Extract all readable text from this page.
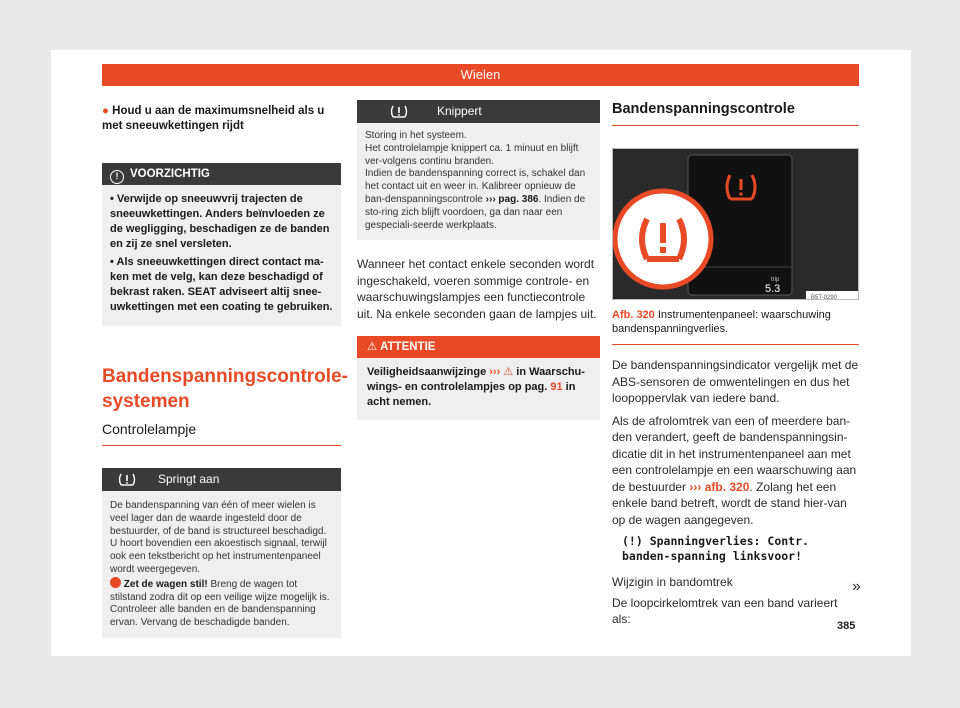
Wielen
● Houd u aan de maximumsnelheid als u met sneeuwkettingen rijdt
! VOORZICHTIG

• Verwijde op sneeuwvrij trajecten de sneeuwkettingen. Anders beïnvloeden ze de wegligging, beschadigen ze de banden en zij ze snel versleten.

• Als sneeuwkettingen direct contact ma-ken met de velg, kan deze beschadigd of bekrast raken. SEAT adviseert altij snee-uwkettingen met een coating te gebruiken.

Bandenspanningscontrole-systemen
Controlelampje
Springt aan
De bandenspanning van één of meer wielen is veel lager dan de waarde ingesteld door de bestuurder, of de band is structureel beschadigd.
U hoort bovendien een akoestisch signaal, terwijl ook een tekstbericht op het instrumentenpaneel wordt weergegeven.
Zet de wagen stil! Breng de wagen tot stilstand zodra dit op een veilige wijze mogelijk is. Controleer alle banden en de bandenspanning ervan. Vervang de beschadigde banden.
Knippert
Storing in het systeem.
Het controlelampje knippert ca. 1 minuut en blijft ver-volgens continu branden.
Indien de bandenspanning correct is, schakel dan het contact uit en weer in. Kalibreer opnieuw de ban-denspanningscontrole ››› pag. 386. Indien de sto-ring zich blijft voordoen, ga dan naar een gespeciali-seerde werkplaats.
Wanneer het contact enkele seconden wordt ingeschakeld, voeren sommige controle- en waarschuwingslampjes een functiecontrole uit. Na enkele seconden gaan de lampjes uit.
⚠ ATTENTIE
Veiligheidsaanwijzinge ››› ⚠ in Waarschu-wings- en controlelampjes op pag. 91 in acht nemen.
Bandenspanningscontrole
trip
5.3
B5T-0290
Afb. 320 Instrumentenpaneel: waarschuwing bandenspanningverlies.
De bandenspanningsindicator vergelijk met de ABS-sensoren de omwentelingen en dus het loopoppervlak van iedere band.
Als de afrolomtrek van een of meerdere ban-den verandert, geeft de bandenspanningsin-dicatie dit in het instrumentenpaneel aan met een controlelampje en een waarschuwing aan de bestuurder ››› afb. 320. Zolang het een enkele band betreft, wordt de stand hier-van op de wagen aangegeven.
(!) Spanningverlies: Contr. banden-spanning linksvoor!
Wijzigin in bandomtrek
De loopcirkelomtrek van een band varieert als:
»
385
